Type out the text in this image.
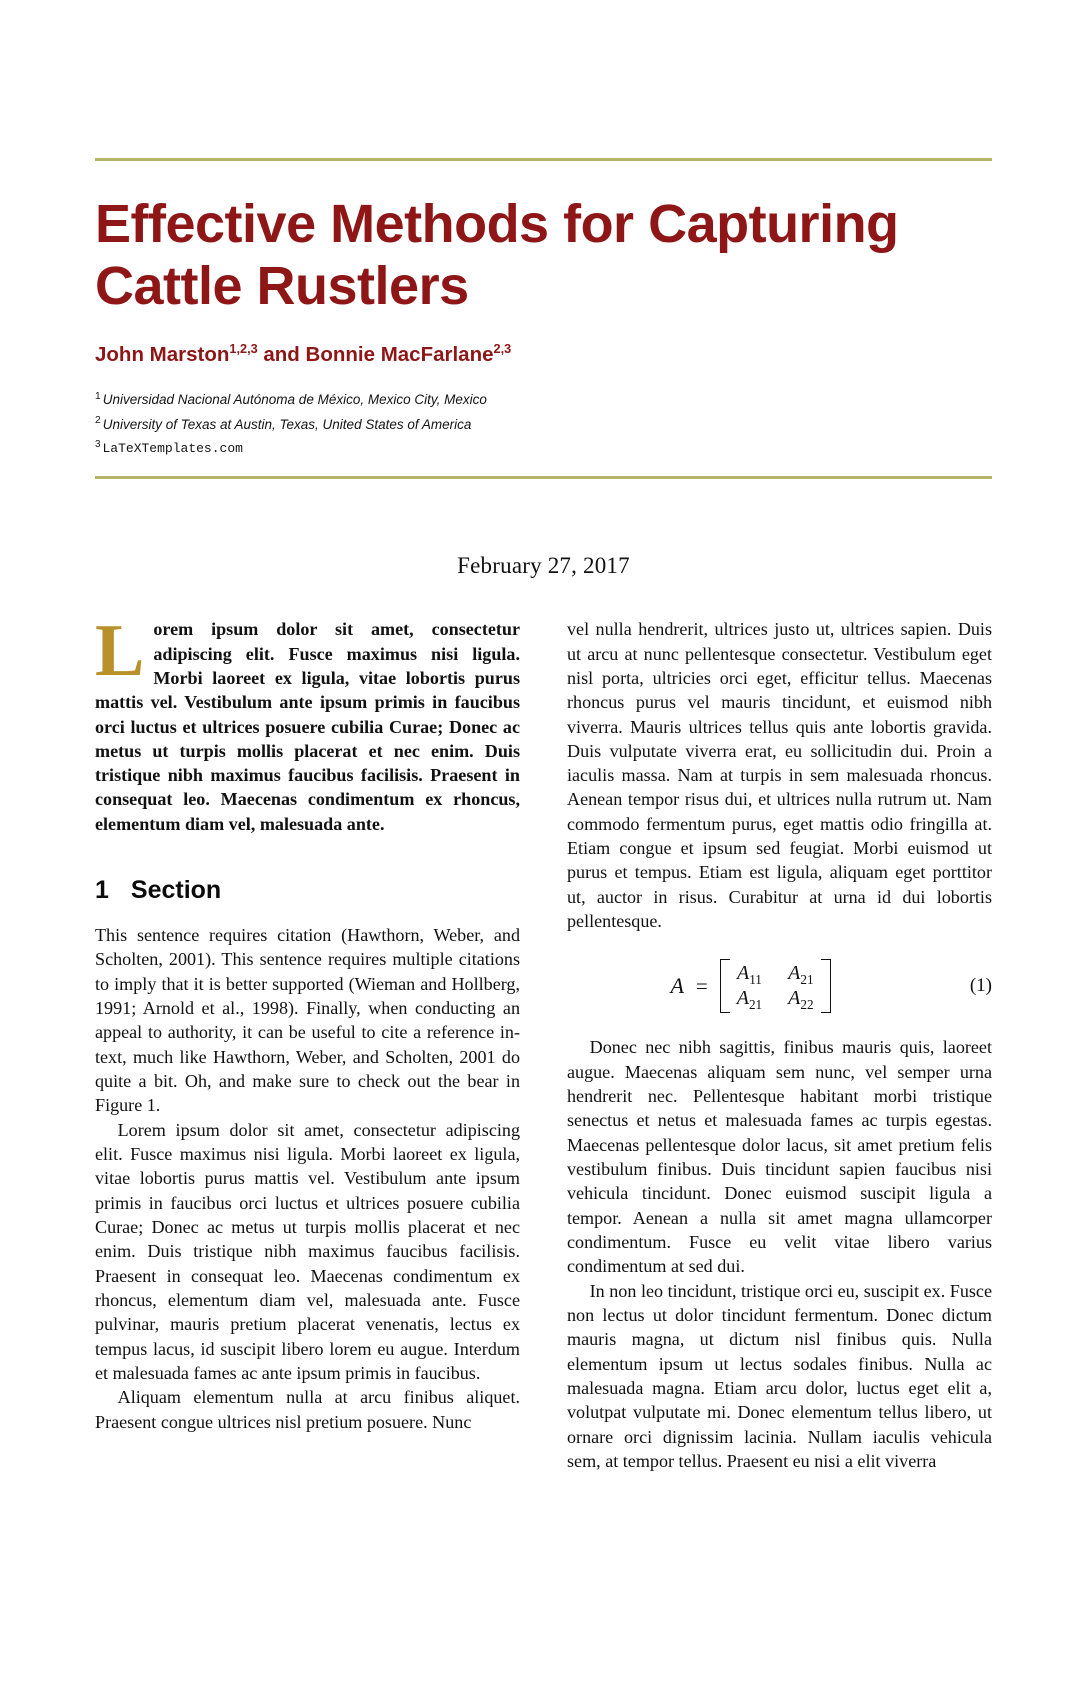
Effective Methods for Capturing Cattle Rustlers
John Marston$^{1,2,3}$ and Bonnie MacFarlane$^{2,3}$
$^1$ Universidad Nacional Autónoma de México, Mexico City, Mexico
$^2$ University of Texas at Austin, Texas, United States of America
$^3$ LaTeXTemplates.com
February 27, 2017

Lorem ipsum dolor sit amet, consectetur adipiscing elit. Fusce maximus nisi ligula. Morbi laoreet ex ligula, vitae lobortis purus mattis vel. Vestibulum ante ipsum primis in faucibus orci luctus et ultrices posuere cubilia Curae; Donec ac metus ut turpis mollis placerat et nec enim. Duis tristique nibh maximus faucibus facilisis. Praesent in consequat leo. Maecenas condimentum ex rhoncus, elementum diam vel, malesuada ante.

1 Section

This sentence requires citation (Hawthorn, Weber, and Scholten, 2001). This sentence requires multiple citations to imply that it is better supported (Wieman and Hollberg, 1991; Arnold et al., 1998). Finally, when conducting an appeal to authority, it can be useful to cite a reference in-text, much like Hawthorn, Weber, and Scholten, 2001 do quite a bit. Oh, and make sure to check out the bear in Figure 1.

Lorem ipsum dolor sit amet, consectetur adipiscing elit. Fusce maximus nisi ligula. Morbi laoreet ex ligula, vitae lobortis purus mattis vel. Vestibulum ante ipsum primis in faucibus orci luctus et ultrices posuere cubilia Curae; Donec ac metus ut turpis mollis placerat et nec enim. Duis tristique nibh maximus faucibus facilisis. Praesent in consequat leo. Maecenas condimentum ex rhoncus, elementum diam vel, malesuada ante. Fusce pulvinar, mauris pretium placerat venenatis, lectus ex tempus lacus, id suscipit libero lorem eu augue. Interdum et malesuada fames ac ante ipsum primis in faucibus.

Aliquam elementum nulla at arcu finibus aliquet. Praesent congue ultrices nisl pretium posuere. Nunc

vel nulla hendrerit, ultrices justo ut, ultrices sapien. Duis ut arcu at nunc pellentesque consectetur. Vestibulum eget nisl porta, ultricies orci eget, efficitur tellus. Maecenas rhoncus purus vel mauris tincidunt, et euismod nibh viverra. Mauris ultrices tellus quis ante lobortis gravida. Duis vulputate viverra erat, eu sollicitudin dui. Proin a iaculis massa. Nam at turpis in sem malesuada rhoncus. Aenean tempor risus dui, et ultrices nulla rutrum ut. Nam commodo fermentum purus, eget mattis odio fringilla at. Etiam congue et ipsum sed feugiat. Morbi euismod ut purus et tempus. Etiam est ligula, aliquam eget porttitor ut, auctor in risus. Curabitur at urna id dui lobortis pellentesque.

A =
$A_{11}$ $A_{21}$
$A_{21}$ $A_{22}$
(1)

Donec nec nibh sagittis, finibus mauris quis, laoreet augue. Maecenas aliquam sem nunc, vel semper urna hendrerit nec. Pellentesque habitant morbi tristique senectus et netus et malesuada fames ac turpis egestas. Maecenas pellentesque dolor lacus, sit amet pretium felis vestibulum finibus. Duis tincidunt sapien faucibus nisi vehicula tincidunt. Donec euismod suscipit ligula a tempor. Aenean a nulla sit amet magna ullamcorper condimentum. Fusce eu velit vitae libero varius condimentum at sed dui.

In non leo tincidunt, tristique orci eu, suscipit ex. Fusce non lectus ut dolor tincidunt fermentum. Donec dictum mauris magna, ut dictum nisl finibus quis. Nulla elementum ipsum ut lectus sodales finibus. Nulla ac malesuada magna. Etiam arcu dolor, luctus eget elit a, volutpat vulputate mi. Donec elementum tellus libero, ut ornare orci dignissim lacinia. Nullam iaculis vehicula sem, at tempor tellus. Praesent eu nisi a elit viverra
